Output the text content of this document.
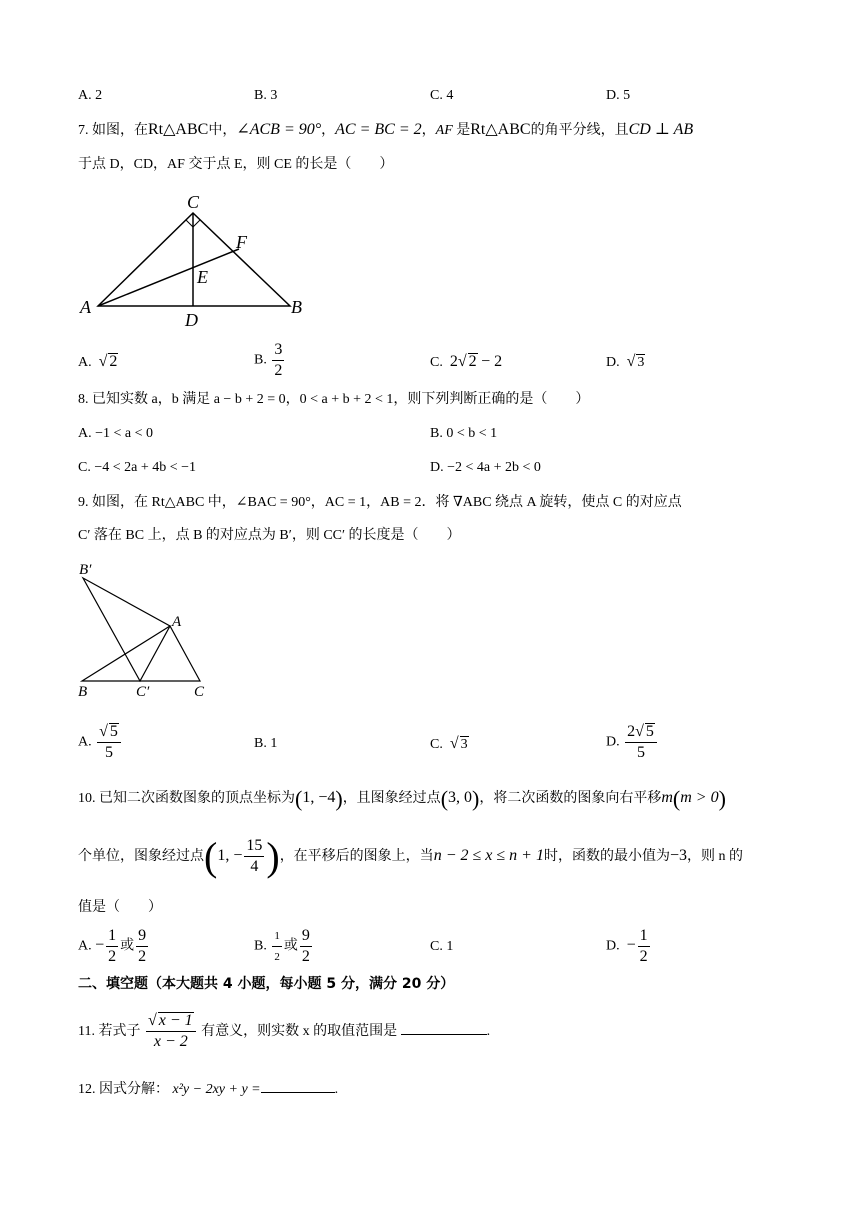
A. 2	B. 3	C. 4	D. 5
7. 如图，在Rt△ABC中，∠ACB = 90°，AC = BC = 2，AF 是Rt△ABC的角平分线，且CD ⊥ AB
于点 D，CD，AF 交于点 E，则 CE 的长是（　　）
C
F
E
A
D
B
A. √ 2	B. $\frac{3}{2}$	C. 2√ 2 − 2	D. √ 3
8. 已知实数 a，b 满足 a − b + 2 = 0，0 < a + b + 2 < 1，则下列判断正确的是（　　）
A. −1 < a < 0	B. 0 < b < 1
C. −4 < 2a + 4b < −1	D. −2 < 4a + 2b < 0
9. 如图，在 Rt△ABC 中，∠BAC = 90°，AC = 1，AB = 2．将 ∇ABC 绕点 A 旋转，使点 C 的对应点
C′ 落在 BC 上，点 B 的对应点为 B′，则 CC′ 的长度是（　　）
B′
A
B	C′	C
A. $\frac{√ 5}{5}$	B. 1	C. √ 3	D. $\frac{2√ 5}{5}$
10. 已知二次函数图象的顶点坐标为(1, −4)，且图象经过点(3, 0)，将二次函数的图象向右平移m(m > 0)
个单位，图象经过点(1, − $\frac{15}{4}$ )，在平移后的图象上，当n − 2 ≤ x ≤ n + 1时，函数的最小值为−3，则 n 的
值是（　　）
A. − $\frac{1}{2}$ 或 $\frac{9}{2}$	B. $\frac{1}{2}$ 或 $\frac{9}{2}$	C. 1	D. − $\frac{1}{2}$
二、填空题（本大题共 4 小题，每小题 5 分，满分 20 分）
11. 若式子 $\frac{√ x - 1}{x - 2}$ 有意义，则实数 x 的取值范围是	.
12. 因式分解： x²y − 2xy + y =	.
